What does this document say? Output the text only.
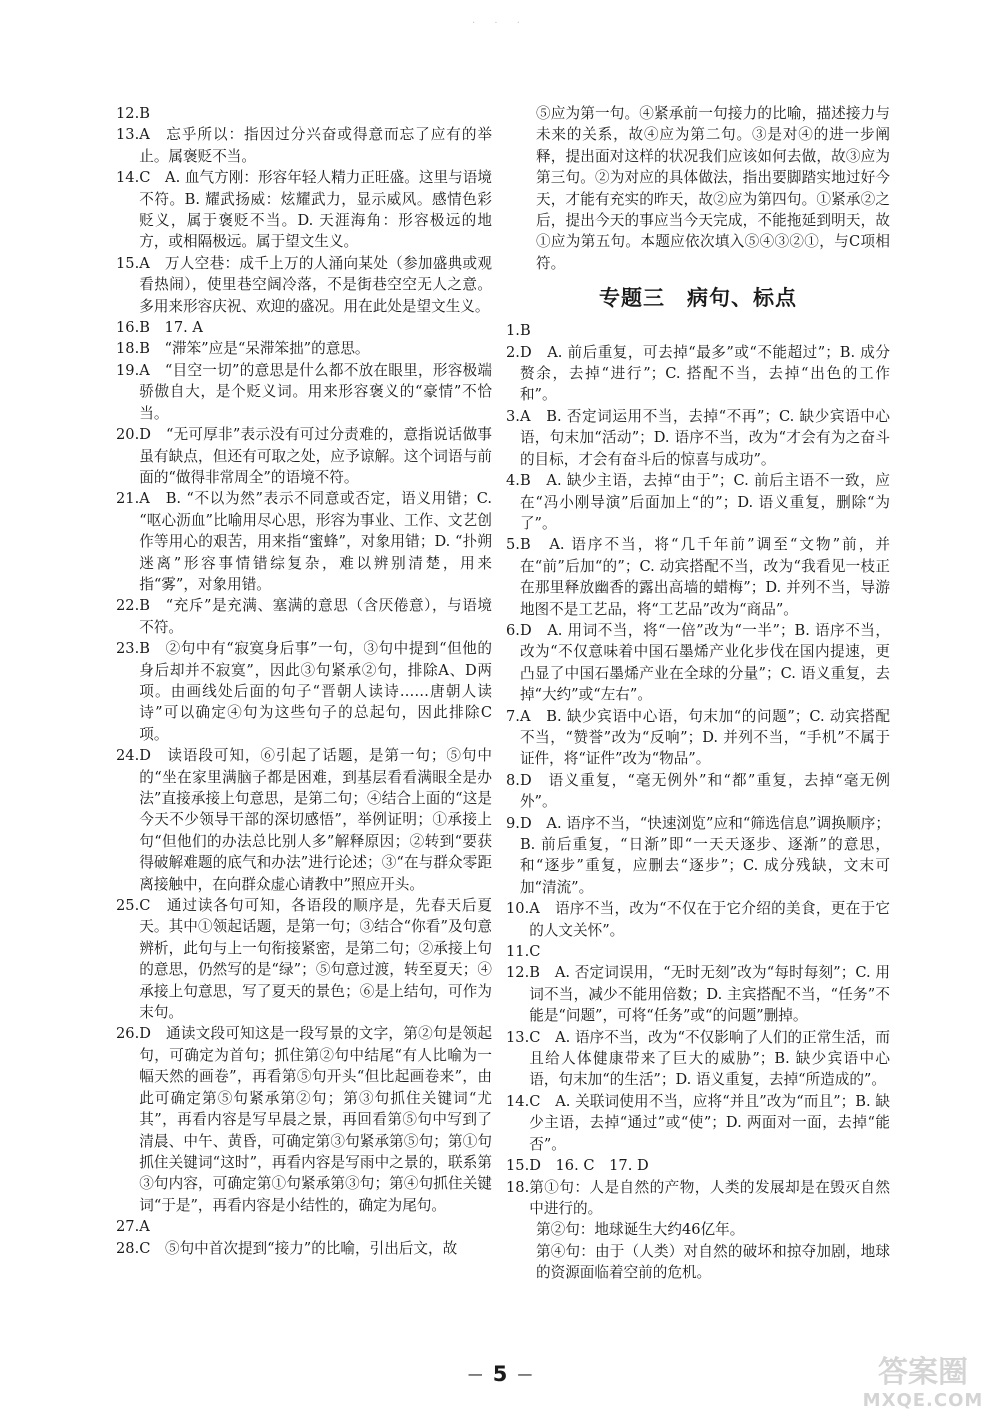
· · ·
12. B
13. A　忘乎所以：指因过分兴奋或得意而忘了应有的举止。属褒贬不当。
14. C　A. 血气方刚：形容年轻人精力正旺盛。这里与语境不符。B. 耀武扬威：炫耀武力，显示威风。感情色彩贬义，属于褒贬不当。D. 天涯海角：形容极远的地方，或相隔极远。属于望文生义。
15. A　万人空巷：成千上万的人涌向某处（参加盛典或观看热闹），使里巷空阔冷落，不是街巷空空无人之意。多用来形容庆祝、欢迎的盛况。用在此处是望文生义。
16. B　17. A
18. B　“滞笨”应是“呆滞笨拙”的意思。
19. A　“目空一切”的意思是什么都不放在眼里，形容极端骄傲自大，是个贬义词。用来形容褒义的“豪情”不恰当。
20. D　“无可厚非”表示没有可过分责难的，意指说话做事虽有缺点，但还有可取之处，应予谅解。这个词语与前面的“做得非常周全”的语境不符。
21. A　B. “不以为然”表示不同意或否定，语义用错；C. “呕心沥血”比喻用尽心思，形容为事业、工作、文艺创作等用心的艰苦，用来指“蜜蜂”，对象用错；D. “扑朔迷离”形容事情错综复杂，难以辨别清楚，用来指“雾”，对象用错。
22. B　“充斥”是充满、塞满的意思（含厌倦意），与语境不符。
23. B　②句中有“寂寞身后事”一句，③句中提到“但他的身后却并不寂寞”，因此③句紧承②句，排除A、D两项。由画线处后面的句子“晋朝人读诗……唐朝人读诗”可以确定④句为这些句子的总起句，因此排除C项。
24. D　读语段可知，⑥引起了话题，是第一句；⑤句中的“坐在家里满脑子都是困难，到基层看看满眼全是办法”直接承接上句意思，是第二句；④结合上面的“这是今天不少领导干部的深切感悟”，举例证明；①承接上句“但他们的办法总比别人多”解释原因；②转到“要获得破解难题的底气和办法”进行论述；③“在与群众零距离接触中，在向群众虚心请教中”照应开头。
25. C　通过读各句可知，各语段的顺序是，先春天后夏天。其中①领起话题，是第一句；③结合“你看”及句意辨析，此句与上一句衔接紧密，是第二句；②承接上句的意思，仍然写的是“绿”；⑤句意过渡，转至夏天；④承接上句意思，写了夏天的景色；⑥是上结句，可作为末句。
26. D　通读文段可知这是一段写景的文字，第②句是领起句，可确定为首句；抓住第②句中结尾“有人比喻为一幅天然的画卷”，再看第⑤句开头“但比起画卷来”，由此可确定第⑤句紧承第②句；第③句抓住关键词“尤其”，再看内容是写早晨之景，再回看第⑤句中写到了清晨、中午、黄昏，可确定第③句紧承第⑤句；第①句抓住关键词“这时”，再看内容是写雨中之景的，联系第③句内容，可确定第①句紧承第③句；第④句抓住关键词“于是”，再看内容是小结性的，确定为尾句。
27. A
28. C　⑤句中首次提到“接力”的比喻，引出后文，故
⑤应为第一句。④紧承前一句接力的比喻，描述接力与未来的关系，故④应为第二句。③是对④的进一步阐释，提出面对这样的状况我们应该如何去做，故③应为第三句。②为对应的具体做法，指出要脚踏实地过好今天，才能有充实的昨天，故②应为第四句。①紧承②之后，提出今天的事应当今天完成，不能拖延到明天，故①应为第五句。本题应依次填入⑤④③②①，与C项相符。
专题三　病句、标点
1. B
2. D　A. 前后重复，可去掉“最多”或“不能超过”；B. 成分赘余，去掉“进行”；C. 搭配不当，去掉“出色的工作和”。
3. A　B. 否定词运用不当，去掉“不再”；C. 缺少宾语中心语，句末加“活动”；D. 语序不当，改为“才会有为之奋斗的目标，才会有奋斗后的惊喜与成功”。
4. B　A. 缺少主语，去掉“由于”；C. 前后主语不一致，应在“冯小刚导演”后面加上“的”；D. 语义重复，删除“为了”。
5. B　A. 语序不当，将“几千年前”调至“文物”前，并在“前”后加“的”；C. 动宾搭配不当，改为“我看见一枝正在那里释放幽香的露出高墙的蜡梅”；D. 并列不当，导游地图不是工艺品，将“工艺品”改为“商品”。
6. D　A. 用词不当，将“一倍”改为“一半”；B. 语序不当，改为“不仅意味着中国石墨烯产业化步伐在国内提速，更凸显了中国石墨烯产业在全球的分量”；C. 语义重复，去掉“大约”或“左右”。
7. A　B. 缺少宾语中心语，句末加“的问题”；C. 动宾搭配不当，“赞誉”改为“反响”；D. 并列不当，“手机”不属于证件，将“证件”改为“物品”。
8. D　语义重复，“毫无例外”和“都”重复，去掉“毫无例外”。
9. D　A. 语序不当，“快速浏览”应和“筛选信息”调换顺序；B. 前后重复，“日渐”即“一天天逐步、逐渐”的意思，和“逐步”重复，应删去“逐步”；C. 成分残缺，文末可加“清流”。
10. A　语序不当，改为“不仅在于它介绍的美食，更在于它的人文关怀”。
11. C
12. B　A. 否定词误用，“无时无刻”改为“每时每刻”；C. 用词不当，减少不能用倍数；D. 主宾搭配不当，“任务”不能是“问题”，可将“任务”或“的问题”删掉。
13. C　A. 语序不当，改为“不仅影响了人们的正常生活，而且给人体健康带来了巨大的威胁”；B. 缺少宾语中心语，句末加“的生活”；D. 语义重复，去掉“所造成的”。
14. C　A. 关联词使用不当，应将“并且”改为“而且”；B. 缺少主语，去掉“通过”或“使”；D. 两面对一面，去掉“能否”。
15. D　16. C　17. D
18. 第①句：人是自然的产物，人类的发展却是在毁灭自然中进行的。
第②句：地球诞生大约46亿年。
第④句：由于（人类）对自然的破坏和掠夺加剧，地球的资源面临着空前的危机。
— 5 —	答案圈
MXQE.COM
